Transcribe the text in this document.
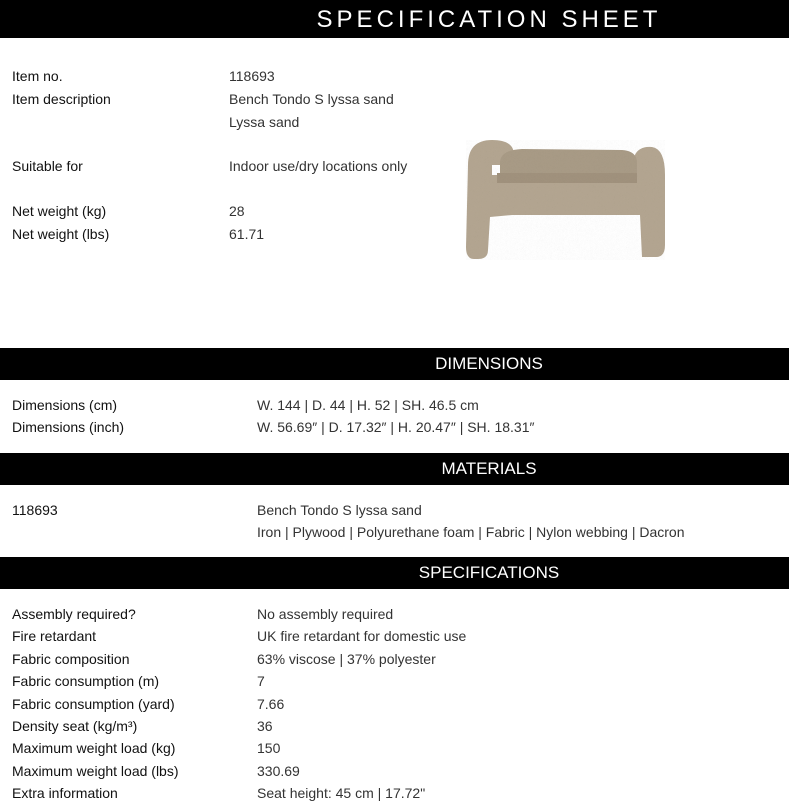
SPECIFICATION SHEET
Item no.	118693
Item description	Bench Tondo S lyssa sand
Lyssa sand
Suitable for	Indoor use/dry locations only
Net weight (kg)	28
Net weight (lbs)	61.71
DIMENSIONS
Dimensions (cm)	W. 144 | D. 44 | H. 52 | SH. 46.5 cm
Dimensions (inch)	W. 56.69″ | D. 17.32″ | H. 20.47″ | SH. 18.31″
MATERIALS
118693	Bench Tondo S lyssa sand
Iron | Plywood | Polyurethane foam | Fabric | Nylon webbing | Dacron
SPECIFICATIONS
Assembly required?	No assembly required
Fire retardant	UK fire retardant for domestic use
Fabric composition	63% viscose | 37% polyester
Fabric consumption (m)	7
Fabric consumption (yard)	7.66
Density seat (kg/m³)	36
Maximum weight load (kg)	150
Maximum weight load (lbs)	330.69
Extra information	Seat height: 45 cm | 17.72"
